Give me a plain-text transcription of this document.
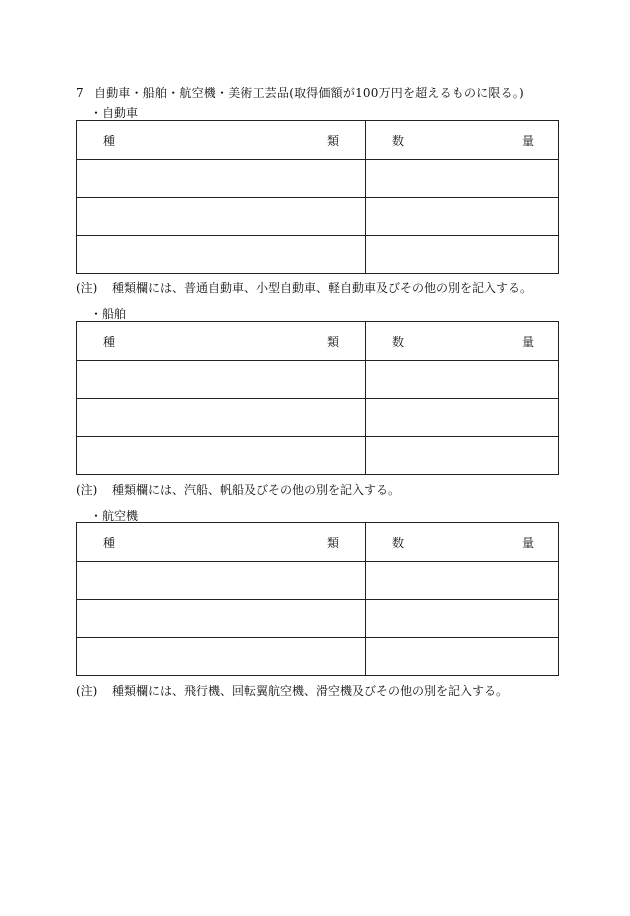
7 自動車・船舶・航空機・美術工芸品(取得価額が100万円を超えるものに限る。)
・自動車
種 類	数 量

(注) 種類欄には、普通自動車、小型自動車、軽自動車及びその他の別を記入する。
・船舶
種 類	数 量

(注) 種類欄には、汽船、帆船及びその他の別を記入する。
・航空機
種 類	数 量

(注) 種類欄には、飛行機、回転翼航空機、滑空機及びその他の別を記入する。
